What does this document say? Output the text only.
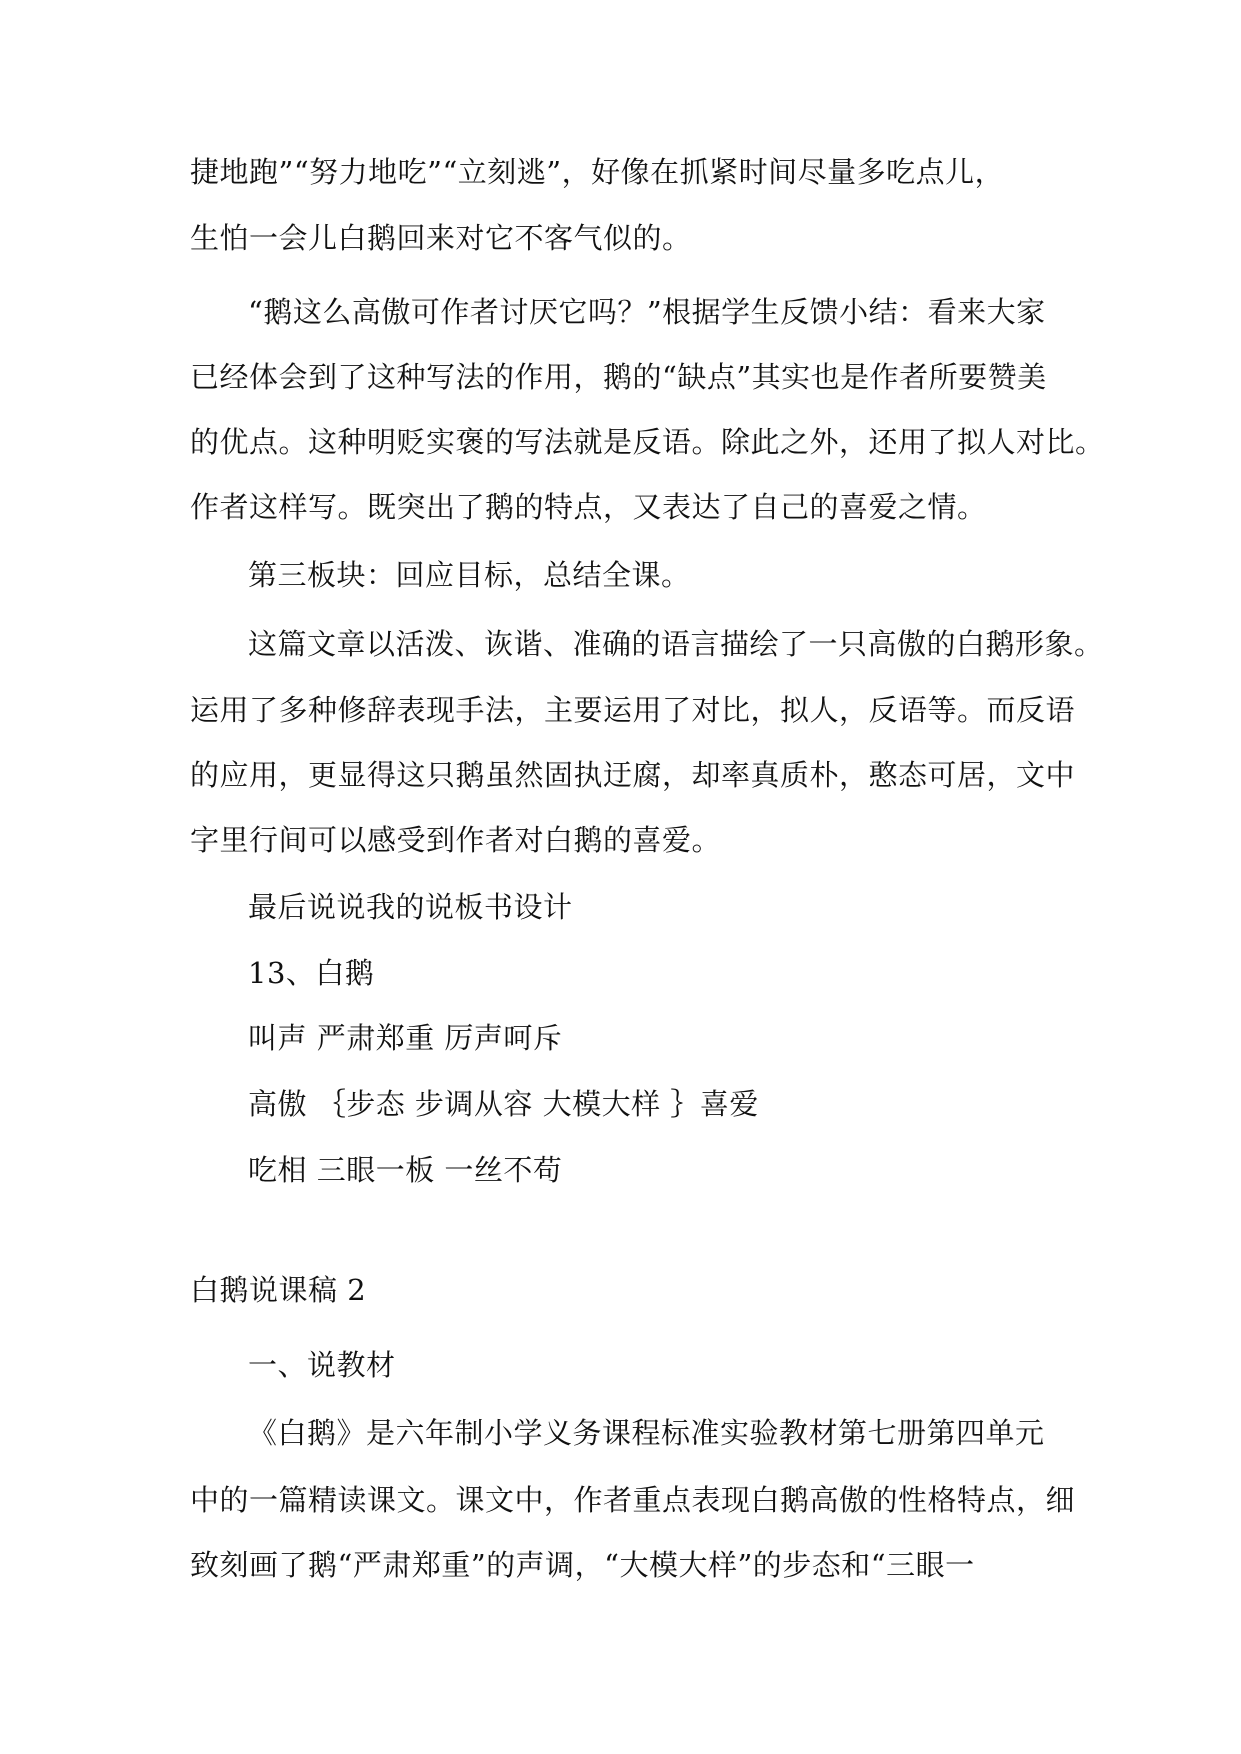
捷地跑”“努力地吃”“立刻逃”，好像在抓紧时间尽量多吃点儿，
生怕一会儿白鹅回来对它不客气似的。
“鹅这么高傲可作者讨厌它吗？”根据学生反馈小结：看来大家
已经体会到了这种写法的作用，鹅的“缺点”其实也是作者所要赞美
的优点。这种明贬实褒的写法就是反语。除此之外，还用了拟人对比。
作者这样写。既突出了鹅的特点，又表达了自己的喜爱之情。
第三板块：回应目标，总结全课。
这篇文章以活泼、诙谐、准确的语言描绘了一只高傲的白鹅形象。
运用了多种修辞表现手法，主要运用了对比，拟人，反语等。而反语
的应用，更显得这只鹅虽然固执迂腐，却率真质朴，憨态可居，文中
字里行间可以感受到作者对白鹅的喜爱。
最后说说我的说板书设计
13、白鹅
叫声 严肃郑重 厉声呵斥
高傲 ｛步态 步调从容 大模大样 ｝喜爱
吃相 三眼一板 一丝不苟
白鹅说课稿 2
一、说教材
《白鹅》是六年制小学义务课程标准实验教材第七册第四单元
中的一篇精读课文。课文中，作者重点表现白鹅高傲的性格特点，细
致刻画了鹅“严肃郑重”的声调，“大模大样”的步态和“三眼一
